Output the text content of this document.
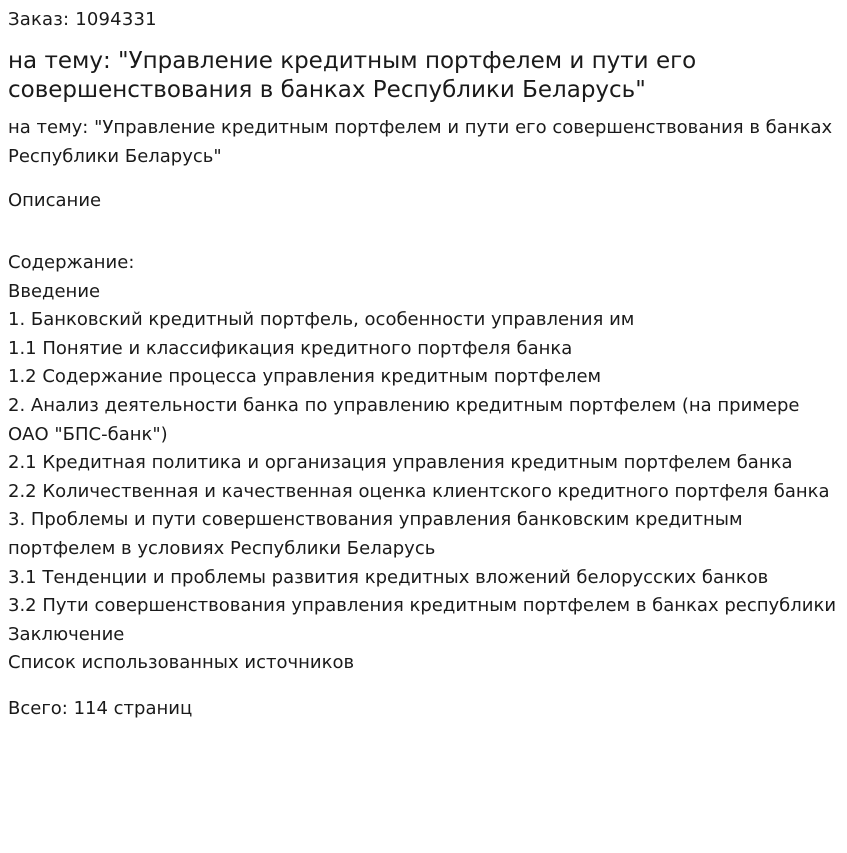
Заказ: 1094331
на тему: "Управление кредитным портфелем и пути его совершенствования в банках Республики Беларусь"
на тему: "Управление кредитным портфелем и пути его совершенствования в банках Республики Беларусь"
Описание
Содержание:
Введение
1. Банковский кредитный портфель, особенности управления им
1.1 Понятие и классификация кредитного портфеля банка
1.2 Содержание процесса управления кредитным портфелем
2. Анализ деятельности банка по управлению кредитным портфелем (на примере ОАО "БПС-банк")
2.1 Кредитная политика и организация управления кредитным портфелем банка
2.2 Количественная и качественная оценка клиентского кредитного портфеля банка
3. Проблемы и пути совершенствования управления банковским кредитным портфелем в условиях Республики Беларусь
3.1 Тенденции и проблемы развития кредитных вложений белорусских банков
3.2 Пути совершенствования управления кредитным портфелем в банках республики
Заключение
Список использованных источников
Всего: 114 страниц
